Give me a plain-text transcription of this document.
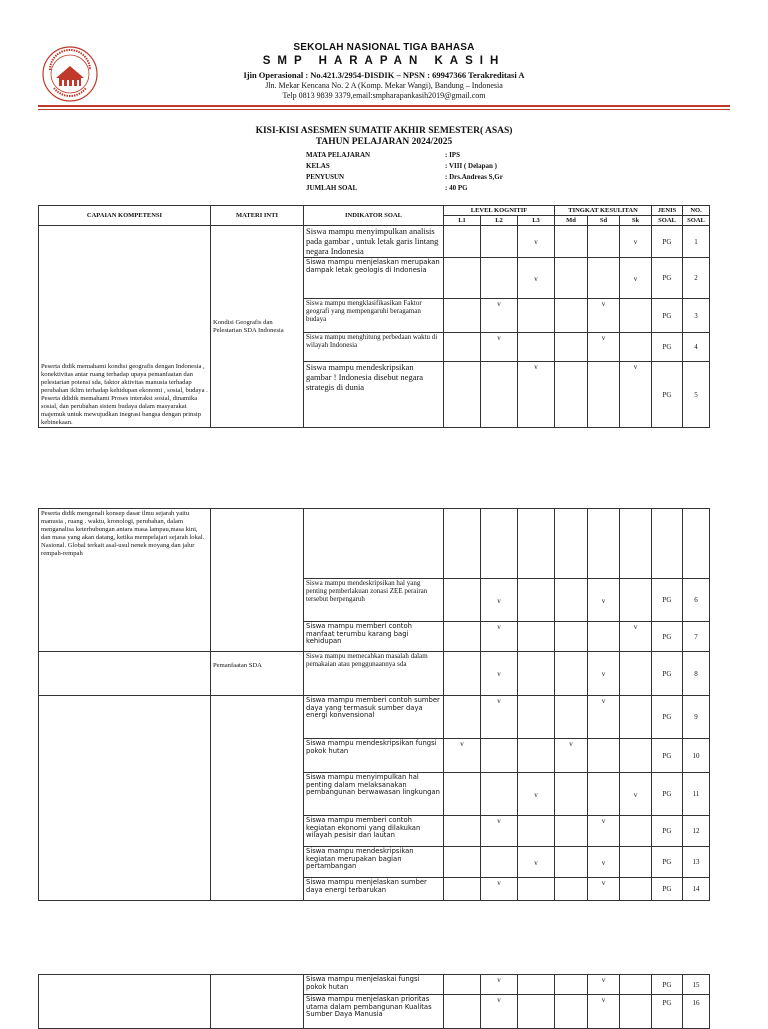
SEKOLAH NASIONAL TIGA BAHASA
SMP HARAPAN KASIH
Ijin Operasional : No.421.3/2954-DISDIK – NPSN : 69947366 Terakreditasi A
Jln. Mekar Kencana No. 2 A (Komp. Mekar Wangi), Bandung – Indonesia
Telp 0813 9839 3379,email:smpharapankasih2019@gmail.com
KISI-KISI ASESMEN SUMATIF AKHIR SEMESTER( ASAS)
TAHUN PELAJARAN 2024/2025
MATA PELAJARAN	: IPS
KELAS	: VIII ( Delapan )
PENYUSUN	: Drs.Andreas S,Gr
JUMLAH SOAL	: 40 PG
CAPAIAN KOMPETENSI	MATERI INTI	INDIKATOR SOAL	LEVEL KOGNITIF			TINGKAT KESULITAN			JENIS	NO.
			L1	L2	L3	Md	Sd	Sk	SOAL	SOAL

Peserta didik memahami kondisi geografis dengan Indonesia , konektivitas antar ruang terhadap upaya pemanfaatan dan pelestarian potensi sda, faktor aktivitas manusia terhadap perubahan iklim terhadap kehidupan ekonomi , sosial, budaya .
Peserta ddidik memahami Proses interaksi sosial, dinamika sosial, dan perubahan sistem budaya dalam masyarakat majemuk untuk mewujudkan inegrasi bangsa dengan prinsip kebinekaan.	Kondisi Geografis dan Pelestarian SDA Indonesia	Siswa mampu menyimpulkan analisis pada gambar , untuk letak garis lintang negara Indonesia			v			v	PG	1
		Siswa mampu menjelaskan merupakan dampak letak geologis di Indonesia			v			v	PG	2
		Siswa mampu mengklasifikasikan Faktor geografi yang mempengaruhi beragaman budaya		v			v		PG	3
		Siswa mampu menghitung perbedaan waktu di wilayah Indonesia		v			v		PG	4
		Siswa mampu mendeskripsikan gambar ! Indonesia disebut negara strategis di dunia			v			v	PG	5
Peserta didik mengenali konsep dasar ilmu sejarah yaitu manusia , ruang . waktu, kronologi, perubahan, dalam menganalisa keterhubungan antara masa lampau,masa kini, dan masa yang akan datang, ketika mempelajari sejarah lokal. Nasional. Global terkait asal-usul nenek moyang dan jalur rempah-rempah										

		Siswa mampu mendeskripsikan hal yang penting pemberlakuan zonasi ZEE perairan tersebut berpengaruh		v			v		PG	6
		Siswa mampu memberi contoh manfaat terumbu karang bagi kehidupan		v				v	PG	7

	Pemanfaatan SDA	Siswa mampu memecahkan masalah dalam pemakaian atau penggunaannya sda		v			v		PG	8
		Siswa mampu memberi contoh sumber daya yang termasuk sumber daya energi konvensional		v			v		PG	9
		Siswa mampu mendeskripsikan fungsi pokok hutan	v			v			PG	10
		Siswa mampu menyimpulkan hal penting dalam melaksanakan pembangunan berwawasan lingkungan			v			v	PG	11
		Siswa mampu memberi contoh kegiatan ekonomi yang dilakukan wilayah pesisir dan lautan		v			v		PG	12
		Siswa mampu mendeskripsikan kegiatan merupakan bagian pertambangan			v		v		PG	13
		Siswa mampu menjelaskan sumber daya energi terbarukan		v			v		PG	14
		Siswa mampu menjelaskai fungsi pokok hutan		v			v		PG	15
		Siswa mampu menjelaskan prioritas utama dalam pembangunan Kualitas Sumber Daya Manusia		v			v		PG	16
